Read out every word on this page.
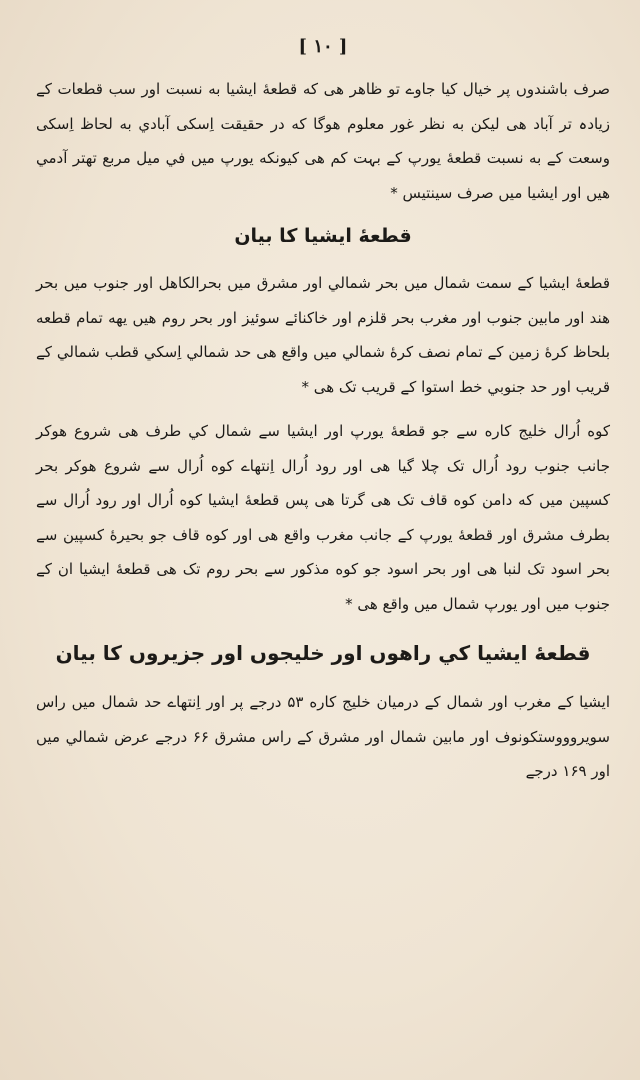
[ ۱۰ ]

صرف باشندوں پر خیال کیا جاوے تو ظاهر هی که قطعهٔ ایشیا به نسبت اور سب قطعات کے زیادہ تر آباد هی لیکن به نظر غور معلوم هوگا که در حقیقت اِسکی آبادي به لحاظ اِسکی وسعت کے به نسبت قطعهٔ یورپ کے بہت کم هی کیونکه یورپ میں في میل مربع تهتر آدمي هیں اور ایشیا میں صرف سینتیس *

قطعهٔ ایشیا کا بیان

قطعهٔ ایشیا کے سمت شمال میں بحر شمالي اور مشرق میں بحرالکاهل اور جنوب میں بحر هند اور مابین جنوب اور مغرب بحر قلزم اور خاکنائے سوئیز اور بحر روم هیں یهه تمام قطعه بلحاظ کرهٔ زمین کے تمام نصف کرهٔ شمالي میں واقع هی حد شمالي اِسکي قطب شمالي کے قریب اور حد جنوبي خط استوا کے قریب تک هی *

کوه اُرال خلیج کاره سے جو قطعهٔ یورپ اور ایشیا سے شمال کي طرف هی شروع هوکر جانب جنوب رود اُرال تک چلا گیا هی اور رود اُرال اِنتهاے کوه اُرال سے شروع هوکر بحر کسپین میں که دامن کوه قاف تک هی گرتا هی پس قطعهٔ ایشیا کوه اُرال اور رود اُرال سے بطرف مشرق اور قطعهٔ یورپ کے جانب مغرب واقع هی اور کوه قاف جو بحیرهٔ کسپین سے بحر اسود تک لنبا هی اور بحر اسود جو کوه مذکور سے بحر روم تک هی قطعهٔ ایشیا ان کے جنوب میں اور یورپ شمال میں واقع هی *

قطعهٔ ایشیا کي راهوں اور خلیجوں اور جزیروں کا بیان

ایشیا کے مغرب اور شمال کے درمیان خلیج کاره ۵۳ درجے پر اور اِنتهاے حد شمال میں راس سویروووستکونوف اور مابین شمال اور مشرق کے راس مشرق ۶۶ درجے عرض شمالي میں اور ۱۶۹ درجے
